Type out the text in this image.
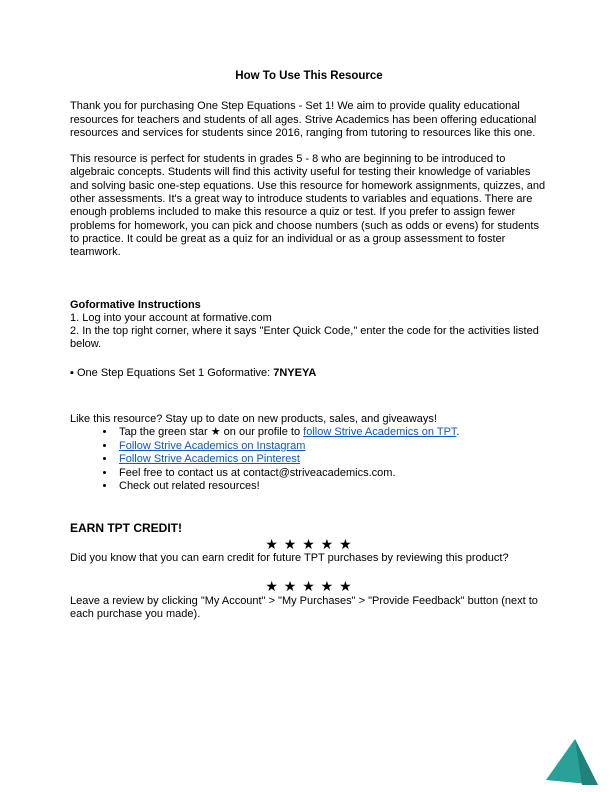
How To Use This Resource

Thank you for purchasing One Step Equations - Set 1! We aim to provide quality educational resources for teachers and students of all ages. Strive Academics has been offering educational resources and services for students since 2016, ranging from tutoring to resources like this one.

This resource is perfect for students in grades 5 - 8 who are beginning to be introduced to algebraic concepts. Students will find this activity useful for testing their knowledge of variables and solving basic one-step equations. Use this resource for homework assignments, quizzes, and other assessments. It's a great way to introduce students to variables and equations. There are enough problems included to make this resource a quiz or test. If you prefer to assign fewer problems for homework, you can pick and choose numbers (such as odds or evens) for students to practice. It could be great as a quiz for an individual or as a group assessment to foster teamwork.

Goformative Instructions

1. Log into your account at formative.com

2. In the top right corner, where it says "Enter Quick Code," enter the code for the activities listed below.

▪ One Step Equations Set 1 Goformative: 7NYEYA

Like this resource? Stay up to date on new products, sales, and giveaways!

• Tap the green star ★ on our profile to follow Strive Academics on TPT.
• Follow Strive Academics on Instagram
• Follow Strive Academics on Pinterest
• Feel free to contact us at contact@striveacademics.com.
• Check out related resources!

EARN TPT CREDIT!

★ ★ ★ ★ ★

Did you know that you can earn credit for future TPT purchases by reviewing this product?

★ ★ ★ ★ ★

Leave a review by clicking "My Account" > "My Purchases" > "Provide Feedback" button (next to each purchase you made).
